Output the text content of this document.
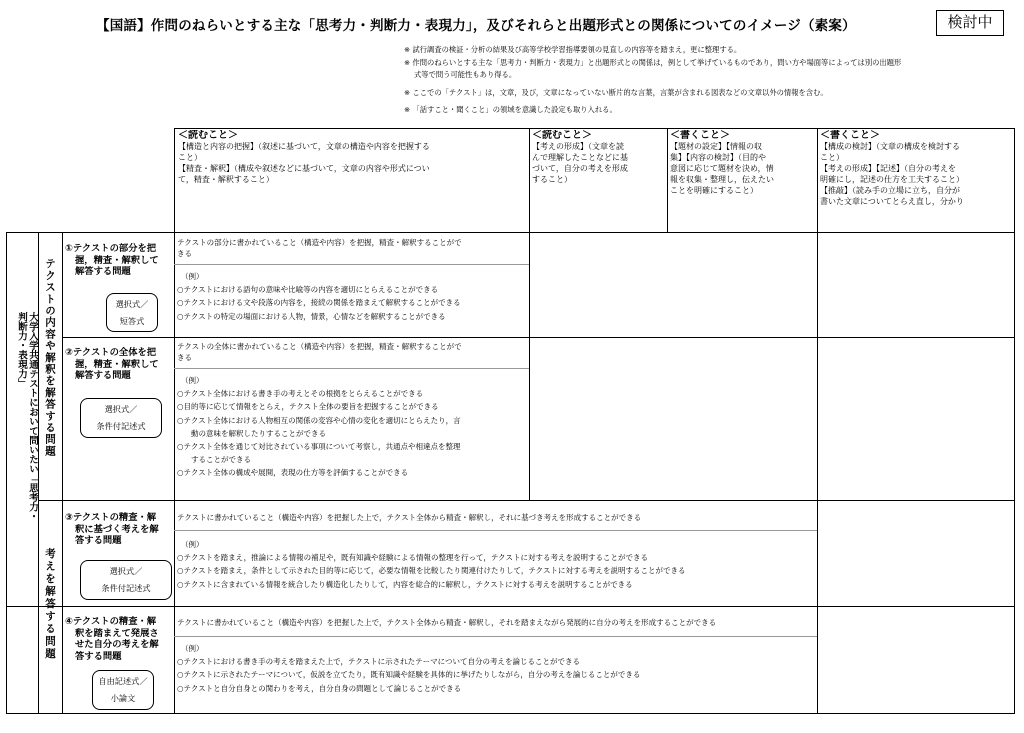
【国語】作問のねらいとする主な「思考力・判断力・表現力」，及びそれらと出題形式との関係についてのイメージ（素案）	検討中
※ 試行調査の検証・分析の結果及び高等学校学習指導要領の見直しの内容等を踏まえ，更に整理する。
※ 作問のねらいとする主な「思考力・判断力・表現力」と出題形式との関係は，例として挙げているものであり，問い方や場面等によっては別の出題形
式等で問う可能性もあり得る。
※ ここでの「テクスト」は，文章，及び，文章になっていない断片的な言葉，言葉が含まれる図表などの文章以外の情報を含む。
※ 「話すこと・聞くこと」の領域を意識した設定も取り入れる。
＜読むこと＞
【構造と内容の把握】（叙述に基づいて，文章の構造や内容を把握する
こと）
【精査・解釈】（構成や叙述などに基づいて，文章の内容や形式につい
て，精査・解釈すること）
＜読むこと＞
【考えの形成】（文章を読
んで理解したことなどに基
づいて，自分の考えを形成
すること）
＜書くこと＞
【題材の設定】【情報の収
集】【内容の検討】（目的や
意図に応じて題材を決め，情
報を収集・整理し，伝えたい
ことを明確にすること）
＜書くこと＞
【構成の検討】（文章の構成を検討する
こと）
【考えの形成】【記述】（自分の考えを
明確にし，記述の仕方を工夫すること）
【推敲】（読み手の立場に立ち，自分が
書いた文章についてとらえ直し，分かり
大学入学共通テストにおいて問いたい「思考力・判断力・表現力」	テクストの内容や解釈を解答する問題
考えを解答する問題
①テクストの部分を把
握，精査・解釈して
解答する問題
選択式／
短答式
テクストの部分に書かれていること（構造や内容）を把握，精査・解釈することがで
きる
（例）
○テクストにおける語句の意味や比喩等の内容を適切にとらえることができる
○テクストにおける文や段落の内容を，接続の関係を踏まえて解釈することができる
○テクストの特定の場面における人物，情景，心情などを解釈することができる
②テクストの全体を把
握，精査・解釈して
解答する問題
選択式／
条件付記述式
テクストの全体に書かれていること（構造や内容）を把握，精査・解釈することがで
きる
（例）
○テクスト全体における書き手の考えとその根拠をとらえることができる
○目的等に応じて情報をとらえ，テクスト全体の要旨を把握することができる
○テクスト全体における人物相互の関係の変容や心情の変化を適切にとらえたり，言
動の意味を解釈したりすることができる
○テクスト全体を通じて対比されている事項について考察し，共通点や相違点を整理
することができる
○テクスト全体の構成や展開，表現の仕方等を評価することができる
③テクストの精査・解
釈に基づく考えを解
答する問題
選択式／
条件付記述式
テクストに書かれていること（構造や内容）を把握した上で，テクスト全体から精査・解釈し，それに基づき考えを形成することができる
（例）
○テクストを踏まえ，推論による情報の補足や，既有知識や経験による情報の整理を行って，テクストに対する考えを説明することができる
○テクストを踏まえ，条件として示された目的等に応じて，必要な情報を比較したり関連付けたりして，テクストに対する考えを説明することができる
○テクストに含まれている情報を統合したり構造化したりして，内容を総合的に解釈し，テクストに対する考えを説明することができる
④テクストの精査・解
釈を踏まえて発展さ
せた自分の考えを解
答する問題
自由記述式／
小論文
テクストに書かれていること（構造や内容）を把握した上で，テクスト全体から精査・解釈し，それを踏まえながら発展的に自分の考えを形成することができる
（例）
○テクストにおける書き手の考えを踏まえた上で，テクストに示されたテーマについて自分の考えを論じることができる
○テクストに示されたテーマについて，仮説を立てたり，既有知識や経験を具体的に挙げたりしながら，自分の考えを論じることができる
○テクストと自分自身との関わりを考え，自分自身の問題として論じることができる
